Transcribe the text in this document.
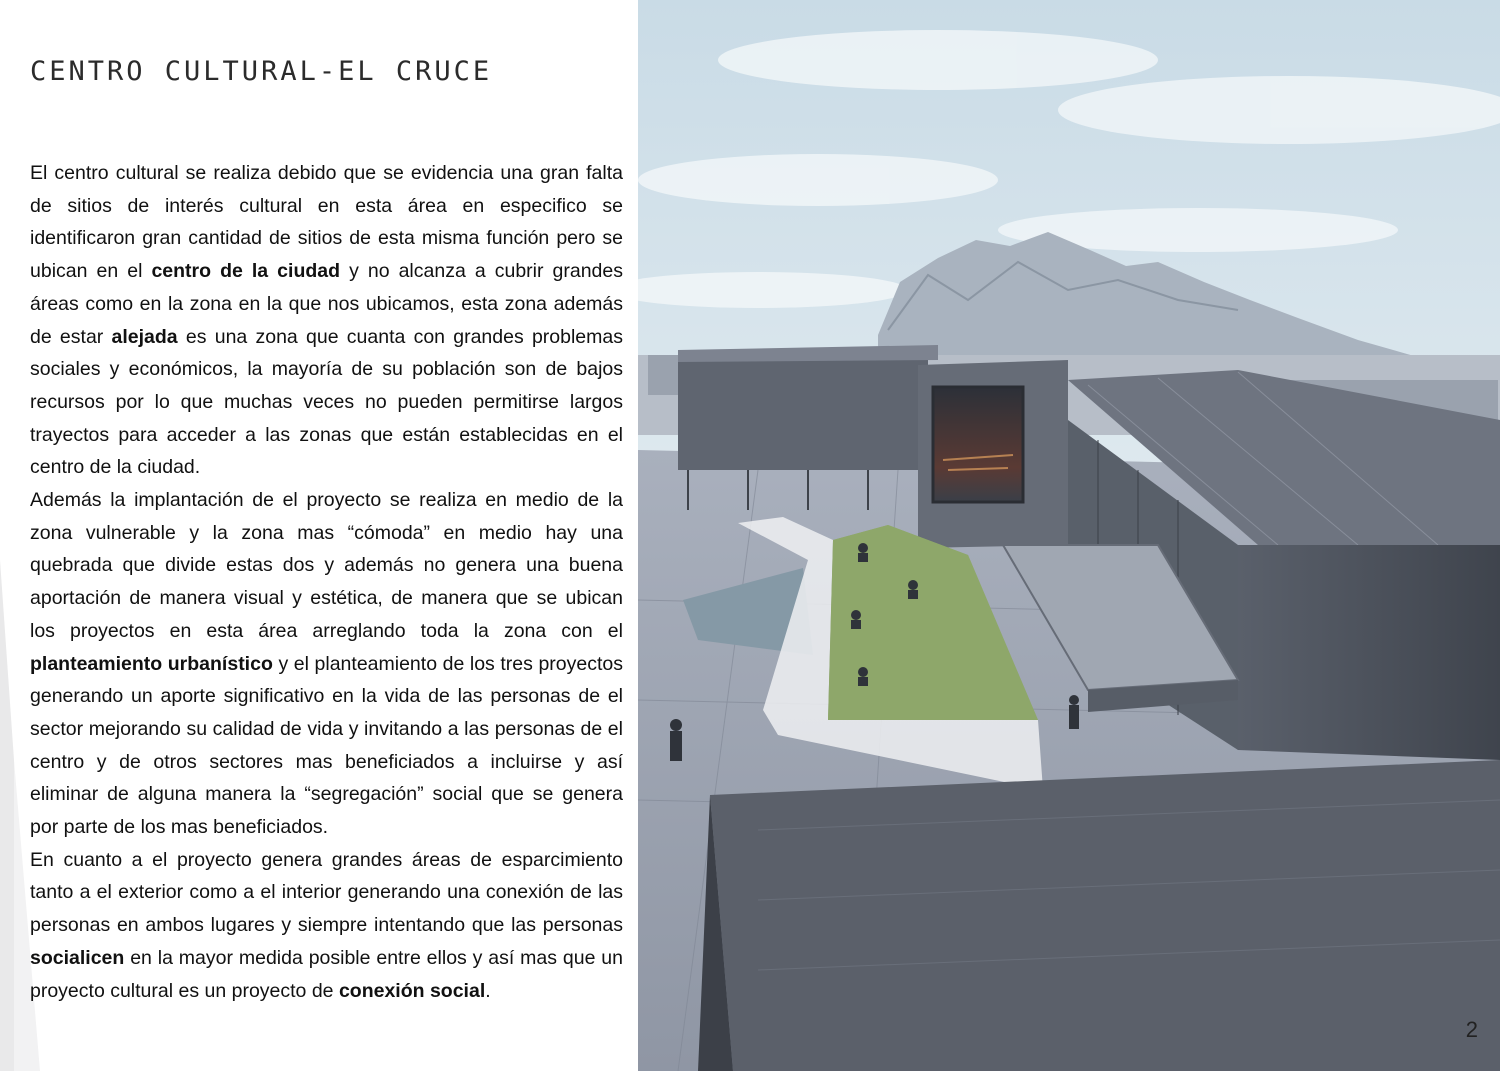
CENTRO CULTURAL-EL CRUCE

El centro cultural se realiza debido que se evidencia una gran falta de sitios de interés cultural en esta área en especifico se identificaron gran cantidad de sitios de esta misma función pero se ubican en el centro de la ciudad y no alcanza a cubrir grandes áreas como en la zona en la que nos ubicamos, esta zona además de estar alejada es una zona que cuanta con grandes problemas sociales y económicos, la mayoría de su población son de bajos recursos por lo que muchas veces no pueden permitirse largos trayectos para acceder a las zonas que están establecidas en el centro de la ciudad.

Además la implantación de el proyecto se realiza en medio de la zona vulnerable y la zona mas “cómoda” en medio hay una quebrada que divide estas dos y además no genera una buena aportación de manera visual y estética, de manera que se ubican los proyectos en esta área arreglando toda la zona con el planteamiento urbanístico y el planteamiento de los tres proyectos generando un aporte significativo en la vida de las personas de el sector mejorando su calidad de vida y invitando a las personas de el centro y de otros sectores mas beneficiados a incluirse y así eliminar de alguna manera la “segregación” social que se genera por parte de los mas beneficiados.

En cuanto a el proyecto genera grandes áreas de esparcimiento tanto a el exterior como a el interior generando una conexión de las personas en ambos lugares y siempre intentando que las personas socialicen en la mayor medida posible entre ellos y así mas que un proyecto cultural es un proyecto de conexión social.

2
